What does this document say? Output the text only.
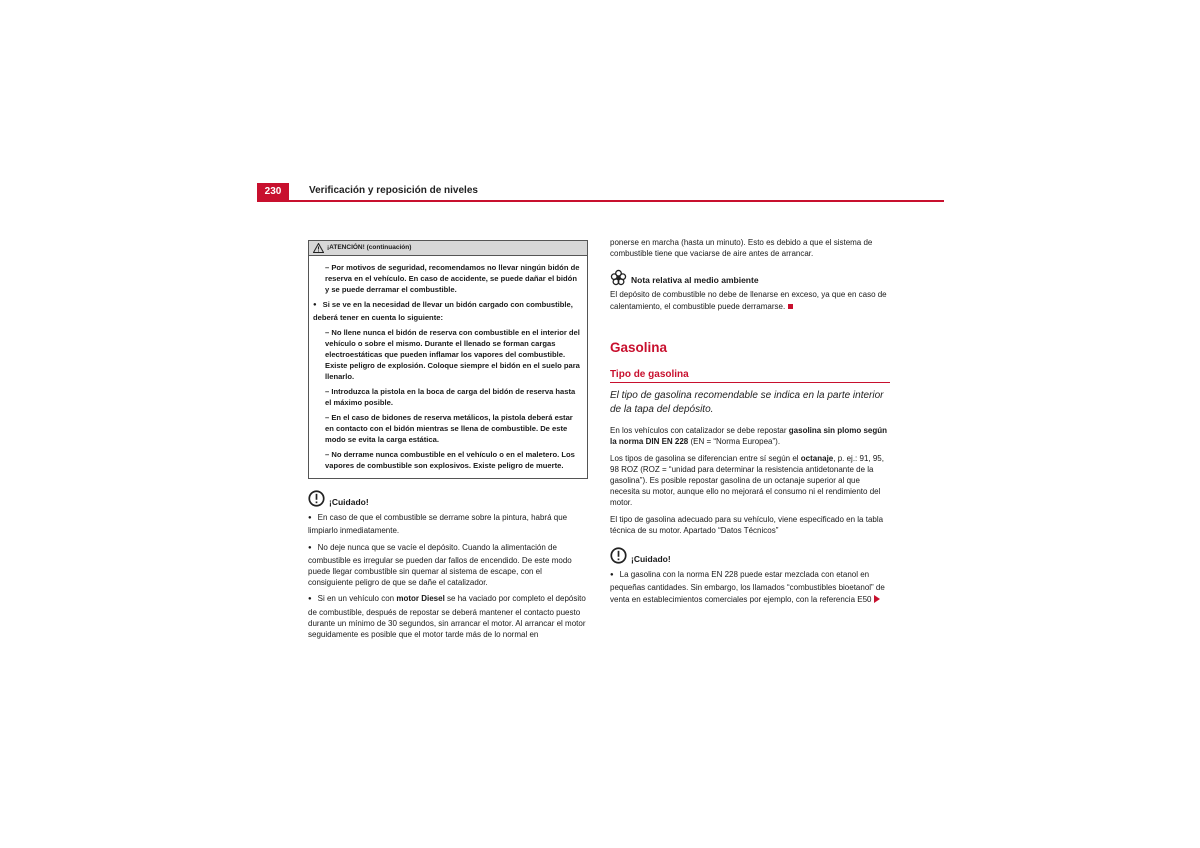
230	Verificación y reposición de niveles
¡ATENCIÓN! (continuación)

– Por motivos de seguridad, recomendamos no llevar ningún bidón de reserva en el vehículo. En caso de accidente, se puede dañar el bidón y se puede derramar el combustible.

● Si se ve en la necesidad de llevar un bidón cargado con combustible, deberá tener en cuenta lo siguiente:

– No llene nunca el bidón de reserva con combustible en el interior del vehículo o sobre el mismo. Durante el llenado se forman cargas electroestáticas que pueden inflamar los vapores del combustible. Existe peligro de explosión. Coloque siempre el bidón en el suelo para llenarlo.

– Introduzca la pistola en la boca de carga del bidón de reserva hasta el máximo posible.

– En el caso de bidones de reserva metálicos, la pistola deberá estar en contacto con el bidón mientras se llena de combustible. De este modo se evita la carga estática.

– No derrame nunca combustible en el vehículo o en el maletero. Los vapores de combustible son explosivos. Existe peligro de muerte.

¡Cuidado!

● En caso de que el combustible se derrame sobre la pintura, habrá que limpiarlo inmediatamente.

● No deje nunca que se vacíe el depósito. Cuando la alimentación de combustible es irregular se pueden dar fallos de encendido. De este modo puede llegar combustible sin quemar al sistema de escape, con el consiguiente peligro de que se dañe el catalizador.

● Si en un vehículo con motor Diesel se ha vaciado por completo el depósito de combustible, después de repostar se deberá mantener el contacto puesto durante un mínimo de 30 segundos, sin arrancar el motor. Al arrancar el motor seguidamente es posible que el motor tarde más de lo normal en

ponerse en marcha (hasta un minuto). Esto es debido a que el sistema de combustible tiene que vaciarse de aire antes de arrancar.

Nota relativa al medio ambiente

El depósito de combustible no debe de llenarse en exceso, ya que en caso de calentamiento, el combustible puede derramarse.

Gasolina
Tipo de gasolina
El tipo de gasolina recomendable se indica en la parte interior de la tapa del depósito.

En los vehículos con catalizador se debe repostar gasolina sin plomo según la norma DIN EN 228 (EN = “Norma Europea”).

Los tipos de gasolina se diferencian entre sí según el octanaje, p. ej.: 91, 95, 98 ROZ (ROZ = “unidad para determinar la resistencia antidetonante de la gasolina”). Es posible repostar gasolina de un octanaje superior al que necesita su motor, aunque ello no mejorará el consumo ni el rendimiento del motor.

El tipo de gasolina adecuado para su vehículo, viene especificado en la tabla técnica de su motor. Apartado “Datos Técnicos”

¡Cuidado!

● La gasolina con la norma EN 228 puede estar mezclada con etanol en pequeñas cantidades. Sin embargo, los llamados “combustibles bioetanol” de venta en establecimientos comerciales por ejemplo, con la referencia E50
